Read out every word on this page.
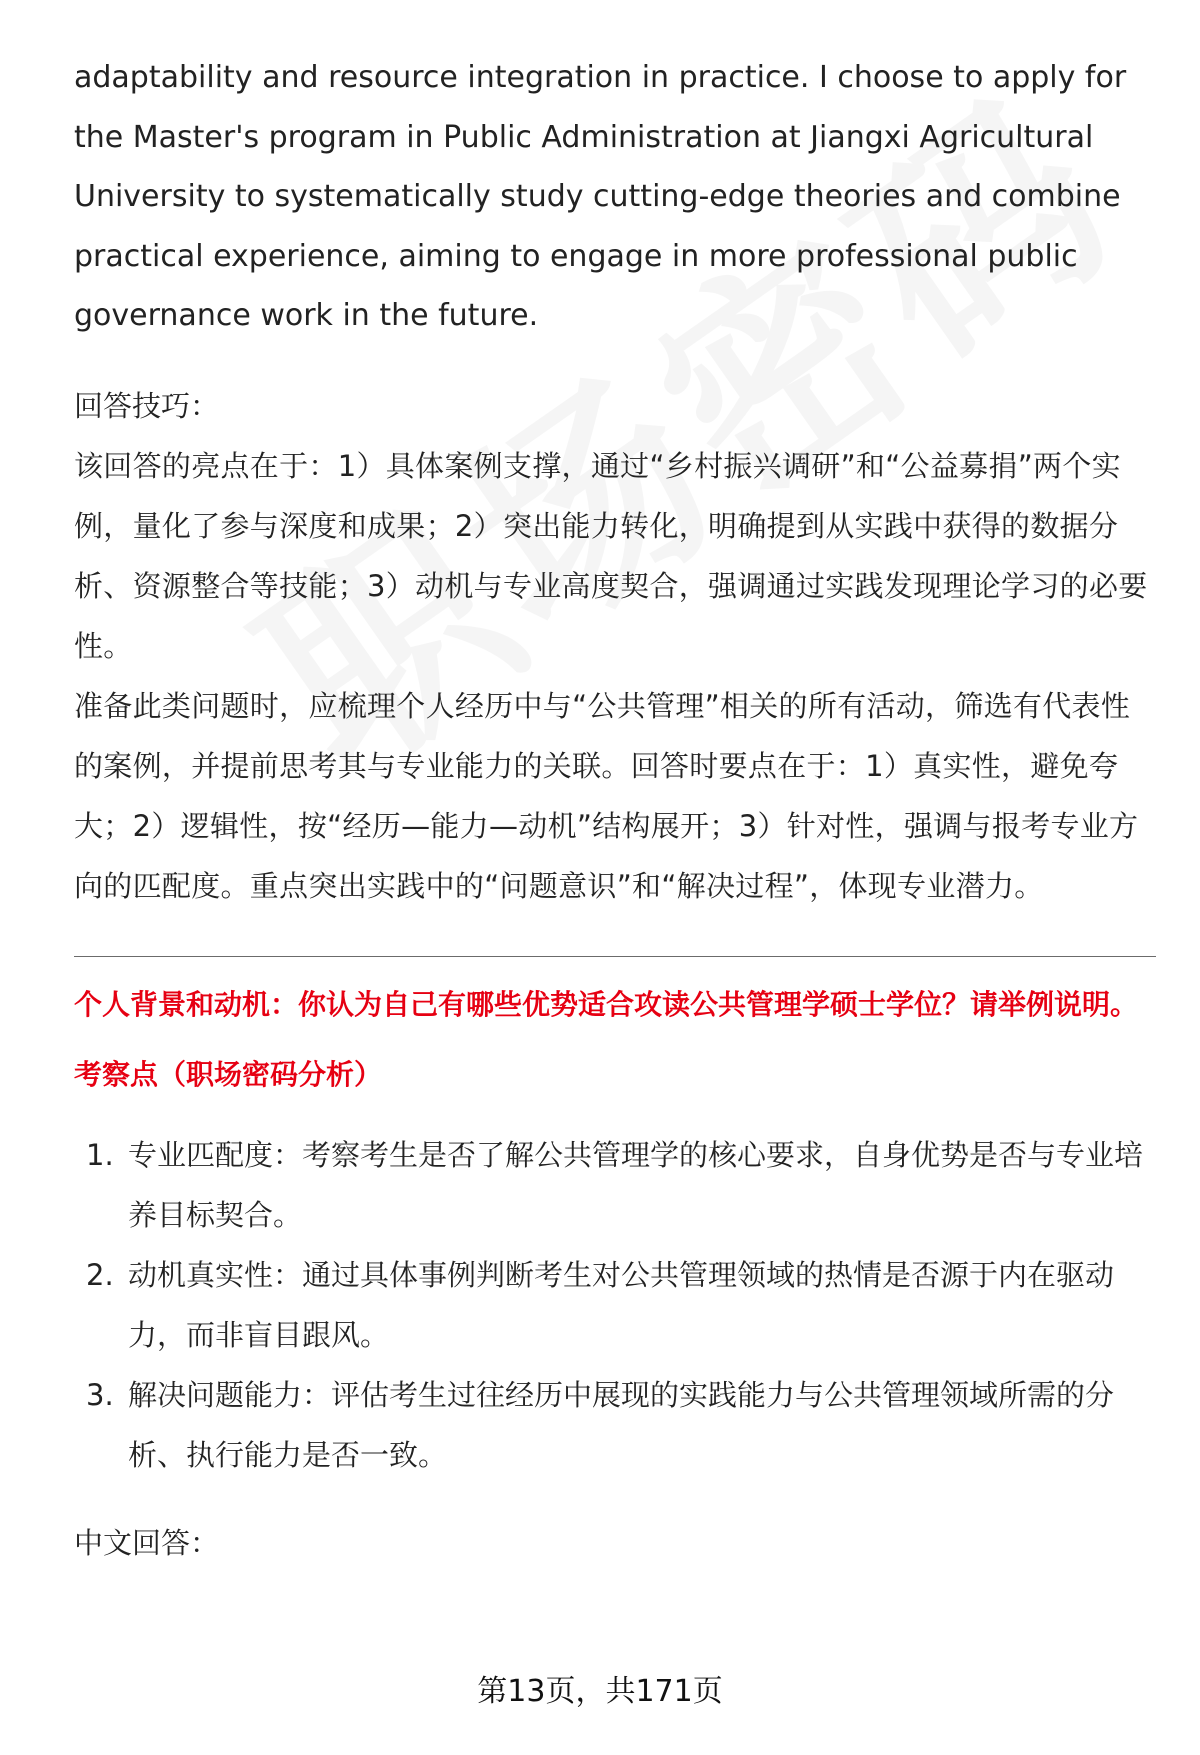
adaptability and resource integration in practice. I choose to apply for the Master's program in Public Administration at Jiangxi Agricultural University to systematically study cutting-edge theories and combine practical experience, aiming to engage in more professional public governance work in the future.

回答技巧：

该回答的亮点在于：1）具体案例支撑，通过“乡村振兴调研”和“公益募捐”两个实例，量化了参与深度和成果；2）突出能力转化，明确提到从实践中获得的数据分析、资源整合等技能；3）动机与专业高度契合，强调通过实践发现理论学习的必要性。

准备此类问题时，应梳理个人经历中与“公共管理”相关的所有活动，筛选有代表性的案例，并提前思考其与专业能力的关联。回答时要点在于：1）真实性，避免夸大；2）逻辑性，按“经历—能力—动机”结构展开；3）针对性，强调与报考专业方向的匹配度。重点突出实践中的“问题意识”和“解决过程”，体现专业潜力。

个人背景和动机：你认为自己有哪些优势适合攻读公共管理学硕士学位？请举例说明。

考察点（职场密码分析）

1. 专业匹配度：考察考生是否了解公共管理学的核心要求，自身优势是否与专业培养目标契合。
2. 动机真实性：通过具体事例判断考生对公共管理领域的热情是否源于内在驱动力，而非盲目跟风。
3. 解决问题能力：评估考生过往经历中展现的实践能力与公共管理领域所需的分析、执行能力是否一致。

中文回答：

第13页，共171页
